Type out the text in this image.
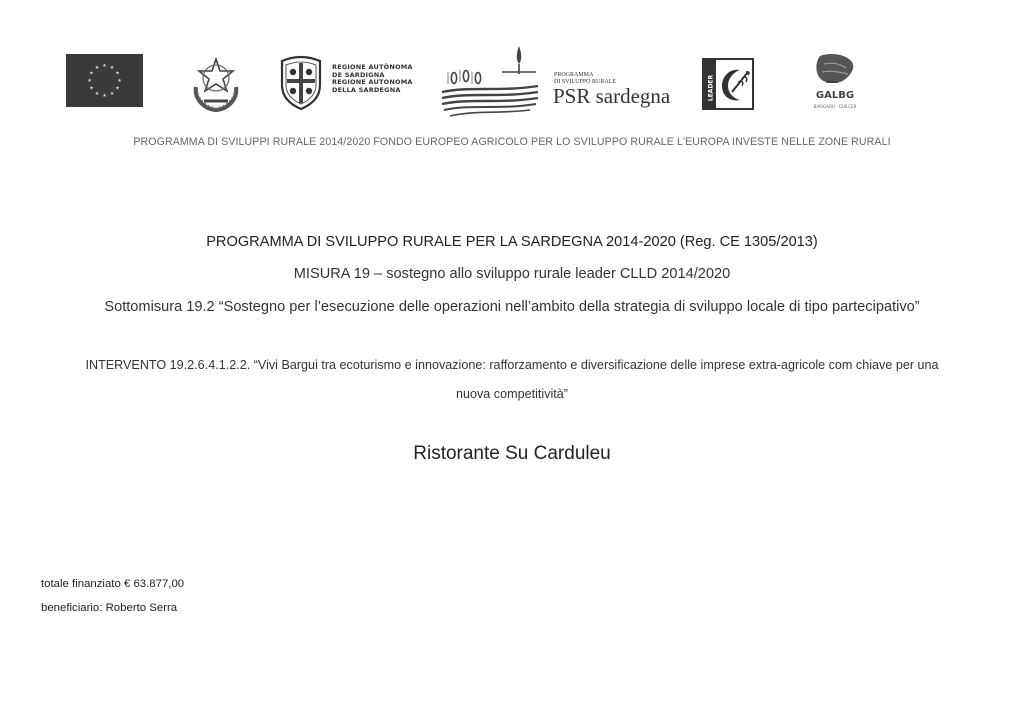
★ ★
★
★
★
★
★
★
★
★
★
★	REGIONE AUTÒNOMA
DE SARDIGNA
REGIONE AUTONOMA
DELLA SARDEGNA
PROGRAMMA
DI SVILUPPO RURALE
PSR sardegna	LEADER	GALBG
BARIGADU - GUILCER
PROGRAMMA DI SVILUPPI RURALE 2014/2020 FONDO EUROPEO AGRICOLO PER LO SVILUPPO RURALE L'EUROPA INVESTE NELLE ZONE RURALI
PROGRAMMA DI SVILUPPO RURALE PER LA SARDEGNA 2014-2020 (Reg. CE 1305/2013)
MISURA 19 – sostegno allo sviluppo rurale leader CLLD 2014/2020
Sottomisura 19.2 “Sostegno per l’esecuzione delle operazioni nell’ambito della strategia di sviluppo locale di tipo partecipativo”
INTERVENTO 19.2.6.4.1.2.2. “Vivi Bargui tra ecoturismo e innovazione: rafforzamento e diversificazione delle imprese extra-agricole com chiave per una
nuova competitività”
Ristorante Su Carduleu
totale finanziato € 63.877,00
beneficiario: Roberto Serra
